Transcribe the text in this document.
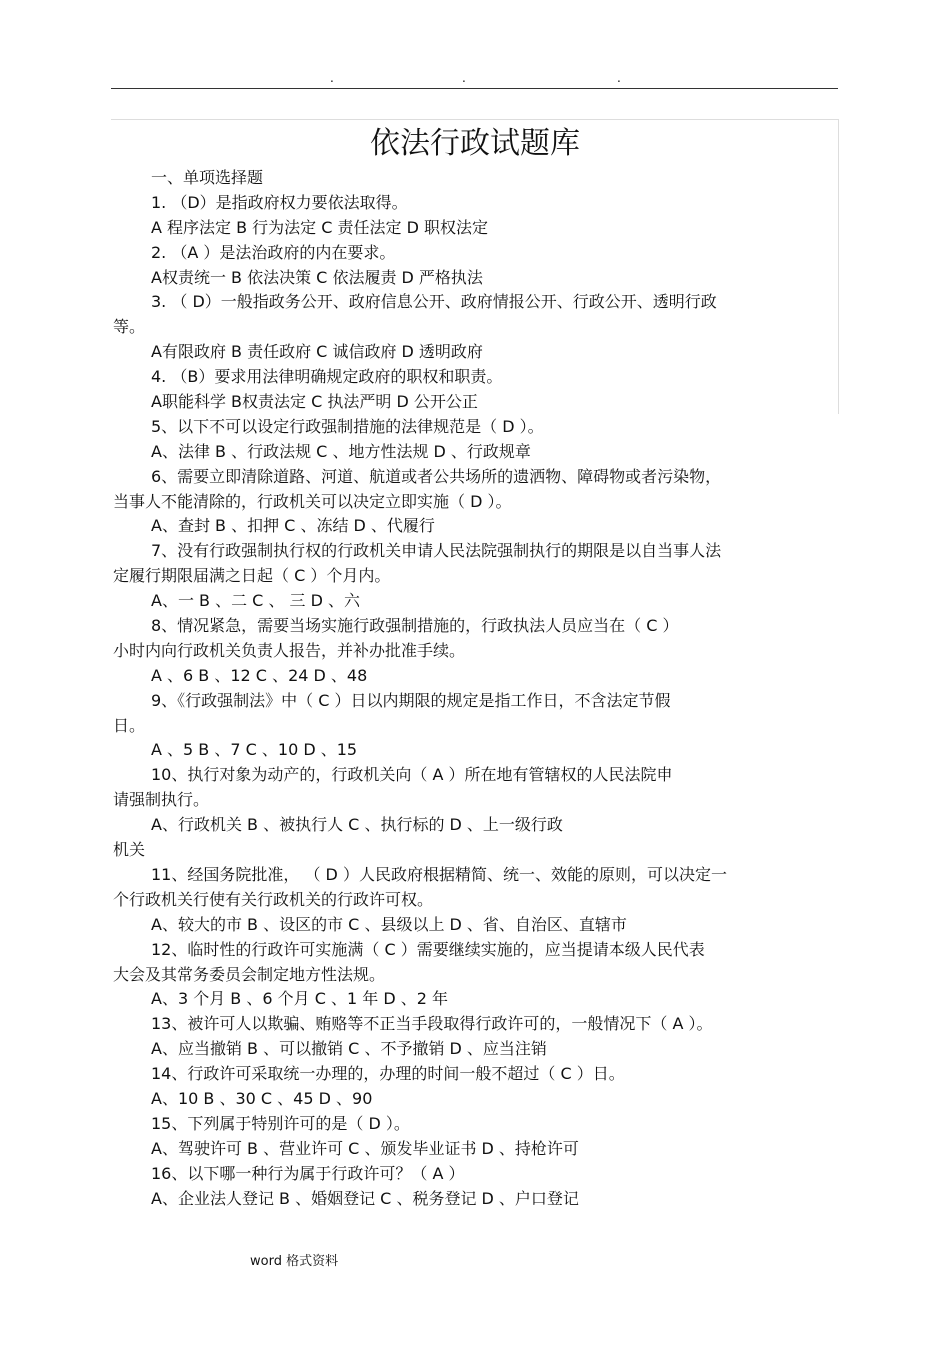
.	.	.
依法行政试题库
一、单项选择题
1. （D）是指政府权力要依法取得。
A 程序法定 B 行为法定 C 责任法定 D 职权法定
2. （A ）是法治政府的内在要求。
A权责统一 B 依法决策 C 依法履责 D 严格执法
3. （ D）一般指政务公开、政府信息公开、政府情报公开、行政公开、透明行政
等。
A有限政府 B 责任政府 C 诚信政府 D 透明政府
4. （B）要求用法律明确规定政府的职权和职责。
A职能科学 B权责法定 C 执法严明 D 公开公正
5、以下不可以设定行政强制措施的法律规范是（ D ）。
A、法律 B 、行政法规 C 、地方性法规 D 、行政规章
6、需要立即清除道路、河道、航道或者公共场所的遗洒物、障碍物或者污染物，
当事人不能清除的，行政机关可以决定立即实施（ D ）。
A、查封 B 、扣押 C 、冻结 D 、代履行
7、没有行政强制执行权的行政机关申请人民法院强制执行的期限是以自当事人法
定履行期限届满之日起（ C ）个月内。
A、一 B 、二 C 、 三 D 、六
8、情况紧急，需要当场实施行政强制措施的，行政执法人员应当在（ C ）
小时内向行政机关负责人报告，并补办批准手续。
A 、6 B 、12 C 、24 D 、48
9、《行政强制法》中（ C ）日以内期限的规定是指工作日，不含法定节假
日。
A 、5 B 、7 C 、10 D 、15
10、执行对象为动产的，行政机关向（ A ）所在地有管辖权的人民法院申
请强制执行。
A、行政机关 B 、被执行人 C 、执行标的 D 、上一级行政
机关
11、经国务院批准， （ D ）人民政府根据精简、统一、效能的原则，可以决定一
个行政机关行使有关行政机关的行政许可权。
A、较大的市 B 、设区的市 C 、县级以上 D 、省、自治区、直辖市
12、临时性的行政许可实施满（ C ）需要继续实施的，应当提请本级人民代表
大会及其常务委员会制定地方性法规。
A、3 个月 B 、6 个月 C 、1 年 D 、2 年
13、被许可人以欺骗、贿赂等不正当手段取得行政许可的，一般情况下（ A ）。
A、应当撤销 B 、可以撤销 C 、不予撤销 D 、应当注销
14、行政许可采取统一办理的，办理的时间一般不超过（ C ）日。
A、10 B 、30 C 、45 D 、90
15、下列属于特别许可的是（ D ）。
A、驾驶许可 B 、营业许可 C 、颁发毕业证书 D 、持枪许可
16、以下哪一种行为属于行政许可？（ A ）
A、企业法人登记 B 、婚姻登记 C 、税务登记 D 、户口登记
word 格式资料
